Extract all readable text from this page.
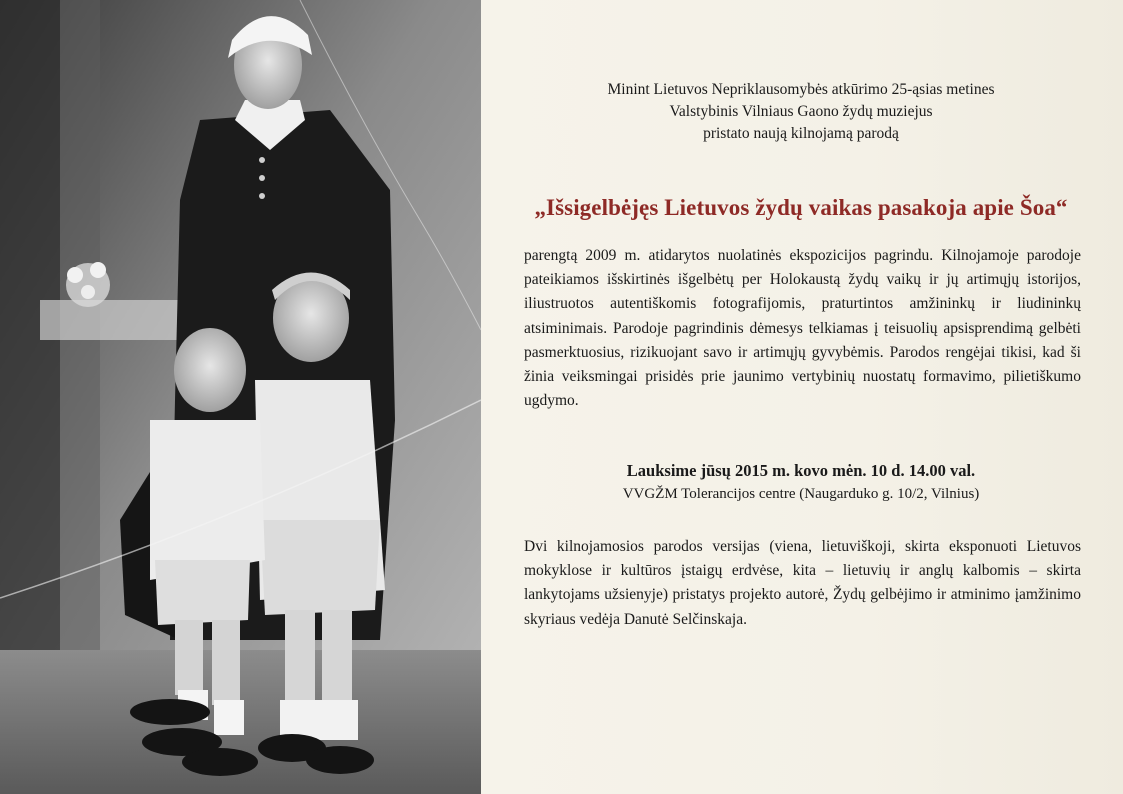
Minint Lietuvos Nepriklausomybės atkūrimo 25-ąsias metines
Valstybinis Vilniaus Gaono žydų muziejus
pristato naują kilnojamą parodą
„Išsigelbėjęs Lietuvos žydų vaikas pasakoja apie Šoa“
parengtą 2009 m. atidarytos nuolatinės ekspozicijos pagrindu. Kilnojamoje parodoje pateikiamos išskirtinės išgelbėtų per Holokaustą žydų vaikų ir jų artimųjų istorijos, iliustruotos autentiškomis fotografijomis, praturtintos amžininkų ir liudininkų atsiminimais. Parodoje pagrindinis dėmesys telkiamas į teisuolių apsisprendimą gelbėti pasmerktuosius, rizikuojant savo ir artimųjų gyvybėmis. Parodos rengėjai tikisi, kad ši žinia veiksmingai prisidės prie jaunimo vertybinių nuostatų formavimo, pilietiškumo ugdymo.
Lauksime jūsų 2015 m. kovo mėn. 10 d. 14.00 val.
VVGŽM Tolerancijos centre (Naugarduko g. 10/2, Vilnius)
Dvi kilnojamosios parodos versijas (viena, lietuviškoji, skirta eksponuoti Lietuvos mokyklose ir kultūros įstaigų erdvėse, kita – lietuvių ir anglų kalbomis – skirta lankytojams užsienyje) pristatys projekto autorė, Žydų gelbėjimo ir atminimo įamžinimo skyriaus vedėja Danutė Selčinskaja.
